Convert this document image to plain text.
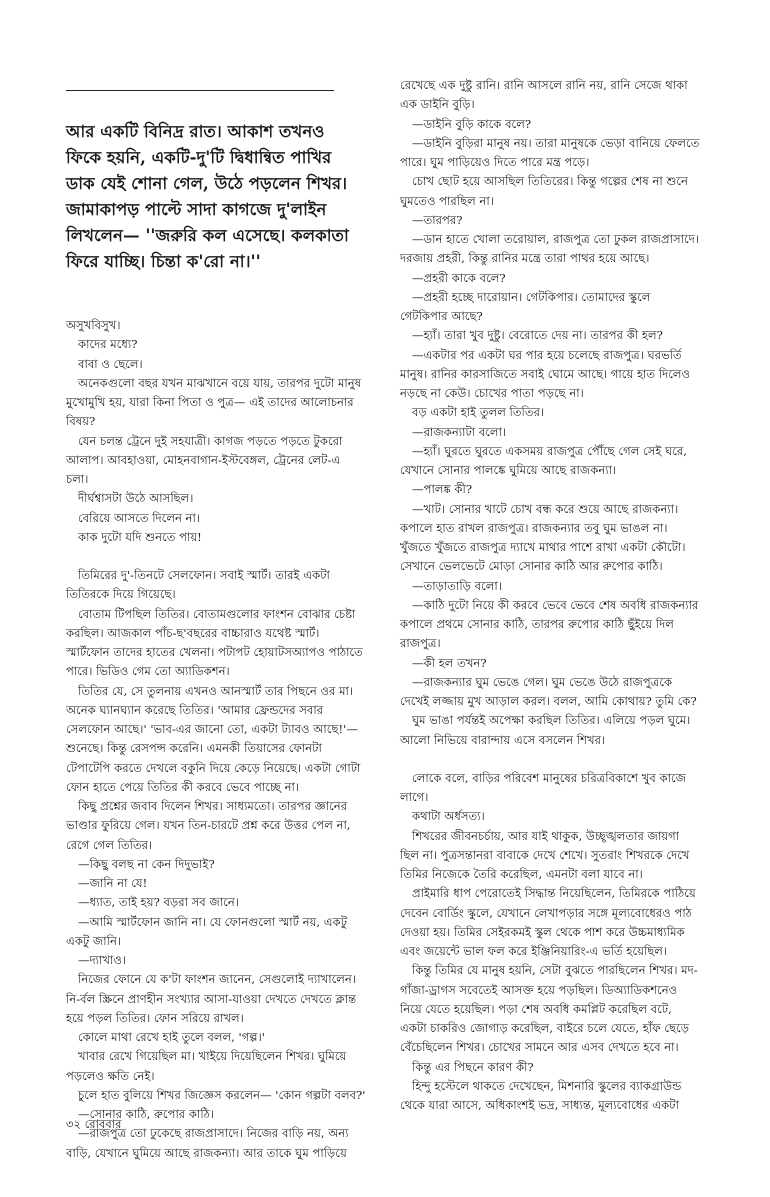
আর একটি বিনিদ্র রাত। আকাশ তখনও ফিকে হয়নি, একটি-দু'টি দ্বিধান্বিত পাখির ডাক যেই শোনা গেল, উঠে পড়লেন শিখর। জামাকাপড় পাল্টে সাদা কাগজে দু'লাইন লিখলেন— ''জরুরি কল এসেছে। কলকাতা ফিরে যাচ্ছি। চিন্তা ক'রো না।''

অসুখবিসুখ।

কাদের মধ্যে?

বাবা ও ছেলে।

অনেকগুলো বছর যখন মাঝখানে বয়ে যায়, তারপর দুটো মানুষ মুখোমুখি হয়, যারা কিনা পিতা ও পুত্র— এই তাদের আলোচনার বিষয়?

যেন চলন্ত ট্রেনে দুই সহযাত্রী। কাগজ পড়তে পড়তে টুকরো আলাপ। আবহাওয়া, মোহনবাগান-ইস্টবেঙ্গল, ট্রেনের লেট-এ চলা।

দীর্ঘশ্বাসটা উঠে আসছিল।

বেরিয়ে আসতে দিলেন না।

কাক দুটো যদি শুনতে পায়!

তিমিরের দু'-তিনটে সেলফোন। সবাই স্মার্ট। তারই একটা তিতিরকে দিয়ে গিয়েছে।

বোতাম টিপছিল তিতির। বোতামগুলোর ফাংশন বোঝার চেষ্টা করছিল। আজকাল পাঁচ-ছ'বছরের বাচ্চারাও যথেষ্ট স্মার্ট। স্মার্টফোন তাদের হাতের খেলনা। পটাপট হোয়াটসঅ্যাপও পাঠাতে পারে। ভিডিও গেম তো অ্যাডিকশন।

তিতির যে, সে তুলনায় এখনও আনস্মার্ট তার পিছনে ওর মা। অনেক ঘ্যানঘ্যান করেছে তিতির। 'আমার ফ্রেন্ডদের সবার সেলফোন আছে।' 'ভাব-এর জানো তো, একটা ট্যাবও আছে!'— শুনেছে। কিন্তু রেসপন্স করেনি। এমনকী তিয়াসের ফোনটা টেপাটেপি করতে দেখলে বকুনি দিয়ে কেড়ে নিয়েছে। একটা গোটা ফোন হাতে পেয়ে তিতির কী করবে ভেবে পাচ্ছে না।

কিছু প্রশ্নের জবাব দিলেন শিখর। সাধ্যমতো। তারপর জ্ঞানের ভাণ্ডার ফুরিয়ে গেল। যখন তিন-চারটে প্রশ্ন করে উত্তর পেল না, রেগে গেল তিতির।

—কিছু বলছ না কেন দিদুভাই?

—জানি না যে!

—ধ্যাত, তাই হয়? বড়রা সব জানে।

—আমি স্মার্টফোন জানি না। যে ফোনগুলো স্মার্ট নয়, একটু একটু জানি।

—দ্যাখাও।

নিজের ফোনে যে ক'টা ফাংশন জানেন, সেগুলোই দ্যাখালেন। নি-র্বল স্ক্রিনে প্রাণহীন সংখ্যার আসা-যাওয়া দেখতে দেখতে ক্লান্ত হয়ে পড়ল তিতির। ফোন সরিয়ে রাখল।

কোলে মাথা রেখে হাই তুলে বলল, 'গল্প।'

খাবার রেখে গিয়েছিল মা। খাইয়ে দিয়েছিলেন শিখর। ঘুমিয়ে পড়লেও ক্ষতি নেই।

চুলে হাত বুলিয়ে শিখর জিজ্ঞেস করলেন— 'কোন গল্পটা বলব?'

—সোনার কাঠি, রুপোর কাঠি।

—রাজপুত্র তো ঢুকেছে রাজপ্রাসাদে। নিজের বাড়ি নয়, অন্য বাড়ি, যেখানে ঘুমিয়ে আছে রাজকন্যা। আর তাকে ঘুম পাড়িয়ে

রেখেছে এক দুষ্টু রানি। রানি আসলে রানি নয়, রানি সেজে থাকা এক ডাইনি বুড়ি।

—ডাইনি বুড়ি কাকে বলে?

—ডাইনি বুড়িরা মানুষ নয়। তারা মানুষকে ভেড়া বানিয়ে ফেলতে পারে। ঘুম পাড়িয়েও দিতে পারে মন্ত্র পড়ে।

চোখ ছোট হয়ে আসছিল তিতিরের। কিন্তু গল্পের শেষ না শুনে ঘুমতেও পারছিল না।

—তারপর?

—ডান হাতে খোলা তরোয়াল, রাজপুত্র তো ঢুকল রাজপ্রাসাদে। দরজায় প্রহরী, কিন্তু রানির মন্ত্রে তারা পাথর হয়ে আছে।

—প্রহরী কাকে বলে?

—প্রহরী হচ্ছে দারোয়ান। গেটকিপার। তোমাদের স্কুলে গেটকিপার আছে?

—হ্যাঁ। তারা খুব দুষ্টু। বেরোতে দেয় না। তারপর কী হল?

—একটার পর একটা ঘর পার হয়ে চলেছে রাজপুত্র। ঘরভর্তি মানুষ। রানির কারসাজিতে সবাই ঘোমে আছে। গায়ে হাত দিলেও নড়ছে না কেউ। চোখের পাতা পড়ছে না।

বড় একটা হাই তুলল তিতির।

—রাজকন্যাটা বলো।

—হ্যাঁ। ঘুরতে ঘুরতে একসময় রাজপুত্র পৌঁছে গেল সেই ঘরে, যেখানে সোনার পালঙ্কে ঘুমিয়ে আছে রাজকন্যা।

—পালঙ্ক কী?

—খাট। সোনার খাটে চোখ বন্ধ করে শুয়ে আছে রাজকন্যা। কপালে হাত রাখল রাজপুত্র। রাজকন্যার তবু ঘুম ভাঙল না। খুঁজতে খুঁজতে রাজপুত্র দ্যাখে মাথার পাশে রাখা একটা কৌটো। সেখানে ভেলভেটে মোড়া সোনার কাঠি আর রুপোর কাঠি।

—তাড়াতাড়ি বলো।

—কাঠি দুটো নিয়ে কী করবে ভেবে ভেবে শেষ অবধি রাজকন্যার কপালে প্রথমে সোনার কাঠি, তারপর রুপোর কাঠি ছুঁইয়ে দিল রাজপুত্র।

—কী হল তখন?

—রাজকন্যার ঘুম ভেঙে গেল। ঘুম ভেঙে উঠে রাজপুত্রকে দেখেই লজ্জায় মুখ আড়াল করল। বলল, আমি কোথায়? তুমি কে?

ঘুম ভাঙা পর্যন্তই অপেক্ষা করছিল তিতির। এলিয়ে পড়ল ঘুমে। আলো নিভিয়ে বারান্দায় এসে বসলেন শিখর।

লোকে বলে, বাড়ির পরিবেশ মানুষের চরিত্রবিকাশে খুব কাজে লাগে।

কথাটা অর্ধসত্য।

শিখরের জীবনচর্চায়, আর যাই থাকুক, উচ্ছৃঙ্খলতার জায়গা ছিল না। পুত্রসন্তানরা বাবাকে দেখে শেখে। সুতরাং শিখরকে দেখে তিমির নিজেকে তৈরি করেছিল, এমনটা বলা যাবে না।

প্রাইমারি ধাপ পেরোতেই সিদ্ধান্ত নিয়েছিলেন, তিমিরকে পাঠিয়ে দেবেন বোর্ডিং স্কুলে, যেখানে লেখাপড়ার সঙ্গে মূল্যবোধেরও পাঠ দেওয়া হয়। তিমির সেইরকমই স্কুল থেকে পাশ করে উচ্চমাধ্যমিক এবং জয়েন্টে ভাল ফল করে ইঞ্জিনিয়ারিং-এ ভর্তি হয়েছিল।

কিন্তু তিমির যে মানুষ হয়নি, সেটা বুঝতে পারছিলেন শিখর। মদ-গাঁজা-ড্রাগস সবেতেই আসক্ত হয়ে পড়ছিল। ডিঅ্যাডিকশনেও নিয়ে যেতে হয়েছিল। পড়া শেষ অবধি কমপ্লিট করেছিল বটে, একটা চাকরিও জোগাড় করেছিল, বাইরে চলে যেতে, হাঁফ ছেড়ে বেঁচেছিলেন শিখর। চোখের সামনে আর এসব দেখতে হবে না।

কিন্তু এর পিছনে কারণ কী?

হিন্দু হস্টেলে থাকতে দেখেছেন, মিশনারি স্কুলের ব্যাকগ্রাউন্ড থেকে যারা আসে, অধিকাংশই ভদ্র, সাধ্যন্ত, মূল্যবোধের একটা

৩২ রোববার
